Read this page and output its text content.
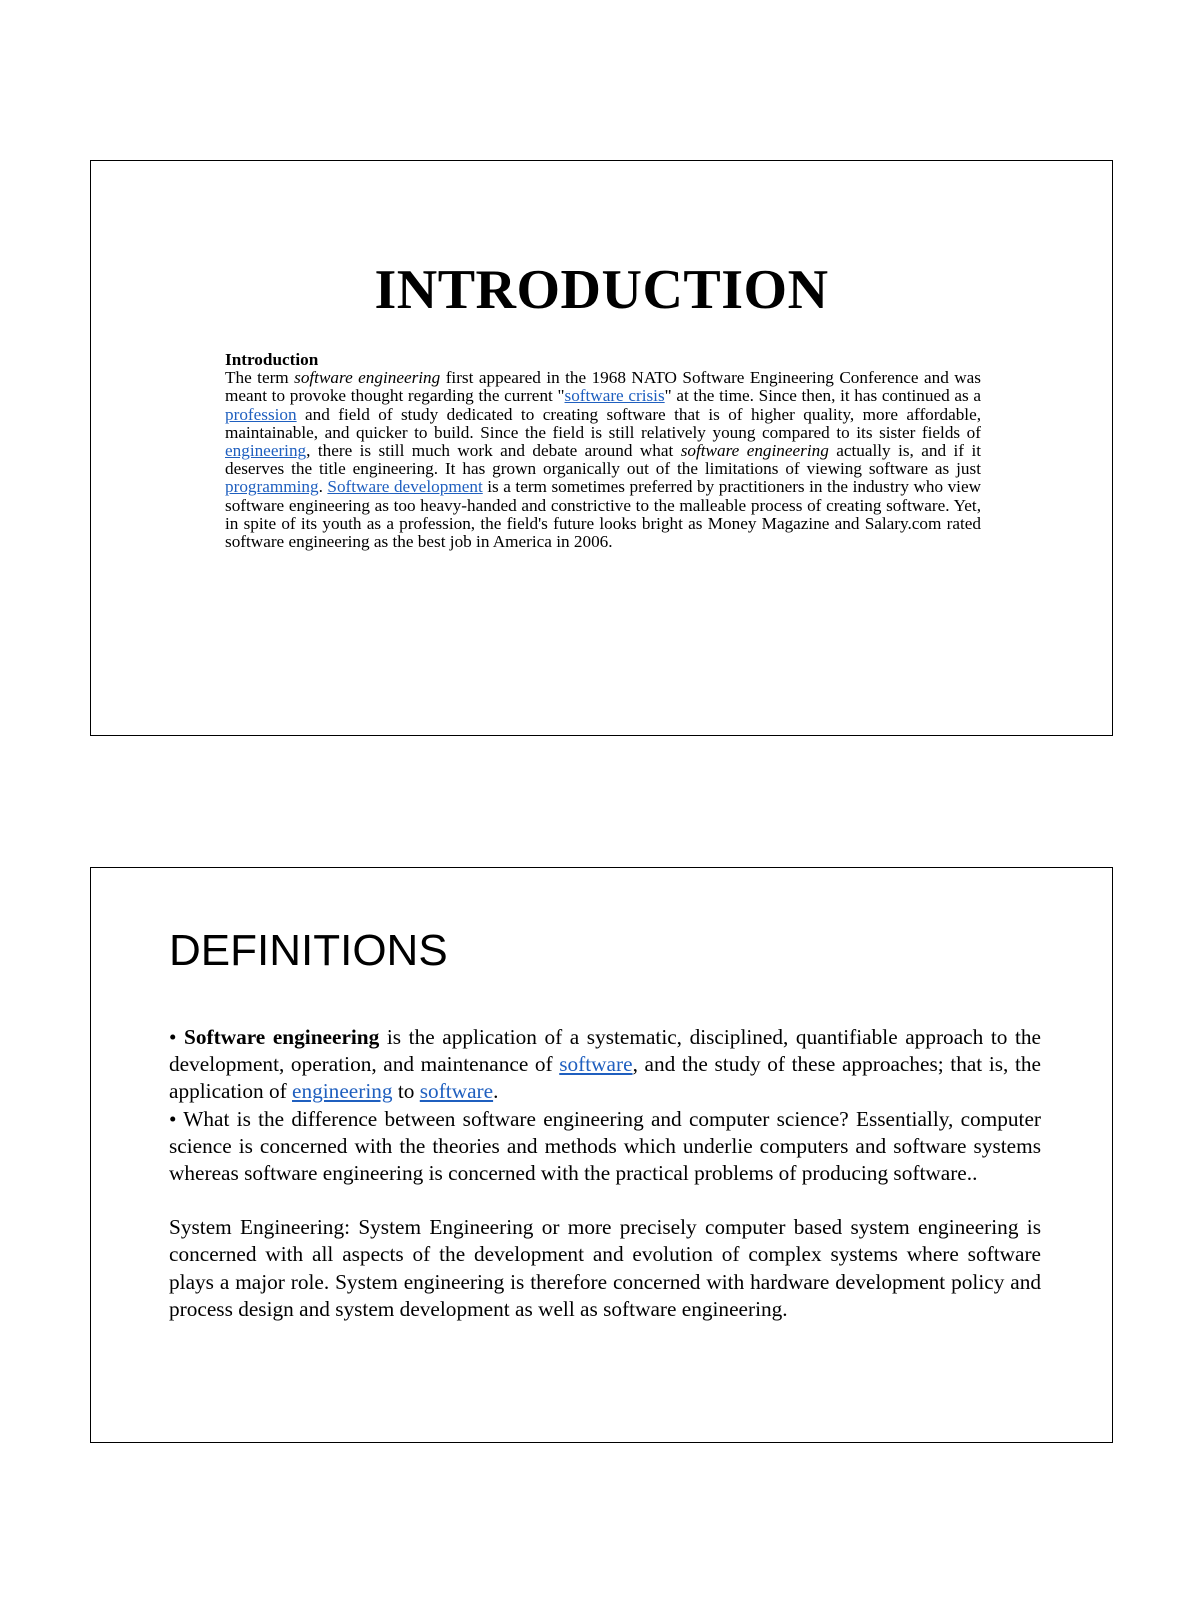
INTRODUCTION
Introduction
The term software engineering first appeared in the 1968 NATO Software Engineering Conference and was meant to provoke thought regarding the current "software crisis" at the time. Since then, it has continued as a profession and field of study dedicated to creating software that is of higher quality, more affordable, maintainable, and quicker to build. Since the field is still relatively young compared to its sister fields of engineering, there is still much work and debate around what software engineering actually is, and if it deserves the title engineering. It has grown organically out of the limitations of viewing software as just programming. Software development is a term sometimes preferred by practitioners in the industry who view software engineering as too heavy-handed and constrictive to the malleable process of creating software. Yet, in spite of its youth as a profession, the field's future looks bright as Money Magazine and Salary.com rated software engineering as the best job in America in 2006.
DEFINITIONS

• Software engineering is the application of a systematic, disciplined, quantifiable approach to the development, operation, and maintenance of software, and the study of these approaches; that is, the application of engineering to software.

• What is the difference between software engineering and computer science? Essentially, computer science is concerned with the theories and methods which underlie computers and software systems whereas software engineering is concerned with the practical problems of producing software..

System Engineering: System Engineering or more precisely computer based system engineering is concerned with all aspects of the development and evolution of complex systems where software plays a major role. System engineering is therefore concerned with hardware development policy and process design and system development as well as software engineering.
